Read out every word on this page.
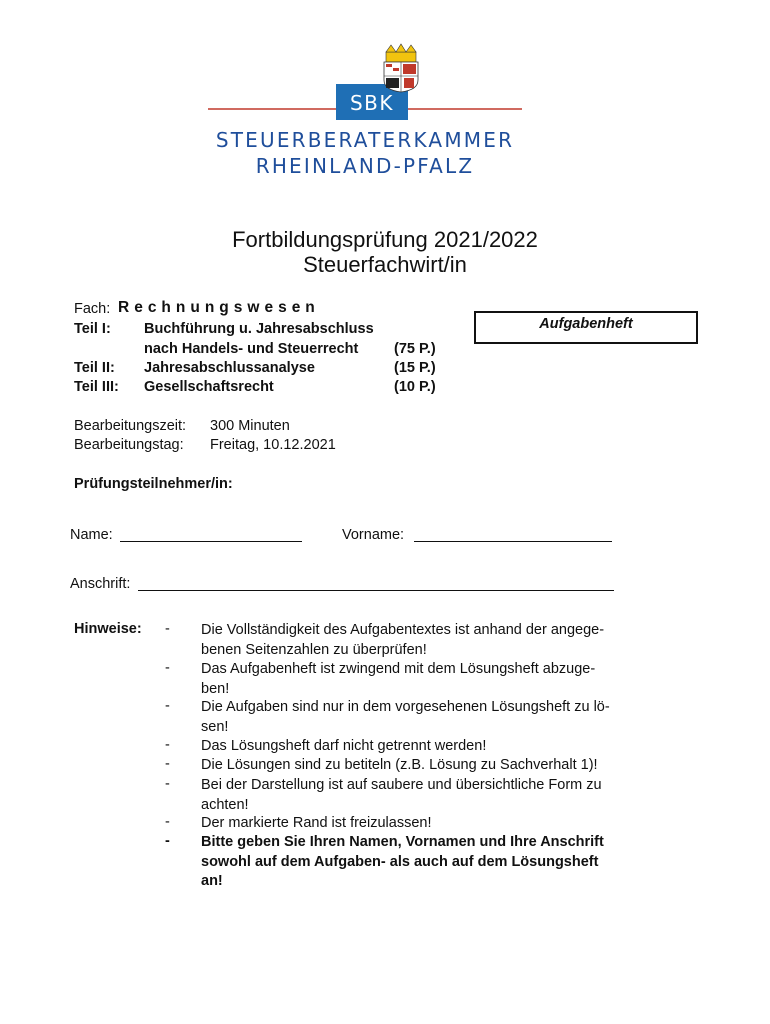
SBK
STEUERBERATERKAMMER
RHEINLAND-PFALZ
Fortbildungsprüfung 2021/2022
Steuerfachwirt/in
Fach: Rechnungswesen
Teil I: Buchführung u. Jahresabschluss
nach Handels- und Steuerrecht (75 P.)
Teil II: Jahresabschlussanalyse	(15 P.)
Teil III: Gesellschaftsrecht	(10 P.)
Aufgabenheft
Bearbeitungszeit: 300 Minuten
Bearbeitungstag: Freitag, 10.12.2021
Prüfungsteilnehmer/in:
Name:	Vorname:
Anschrift:
Hinweise: - Die Vollständigkeit des Aufgabentextes ist anhand der angege-
benen Seitenzahlen zu überprüfen!
- Das Aufgabenheft ist zwingend mit dem Lösungsheft abzuge-
ben!
- Die Aufgaben sind nur in dem vorgesehenen Lösungsheft zu lö-
sen!
- Das Lösungsheft darf nicht getrennt werden!
- Die Lösungen sind zu betiteln (z.B. Lösung zu Sachverhalt 1)!
- Bei der Darstellung ist auf saubere und übersichtliche Form zu
achten!
- Der markierte Rand ist freizulassen!
- Bitte geben Sie Ihren Namen, Vornamen und Ihre Anschrift
sowohl auf dem Aufgaben- als auch auf dem Lösungsheft
an!
